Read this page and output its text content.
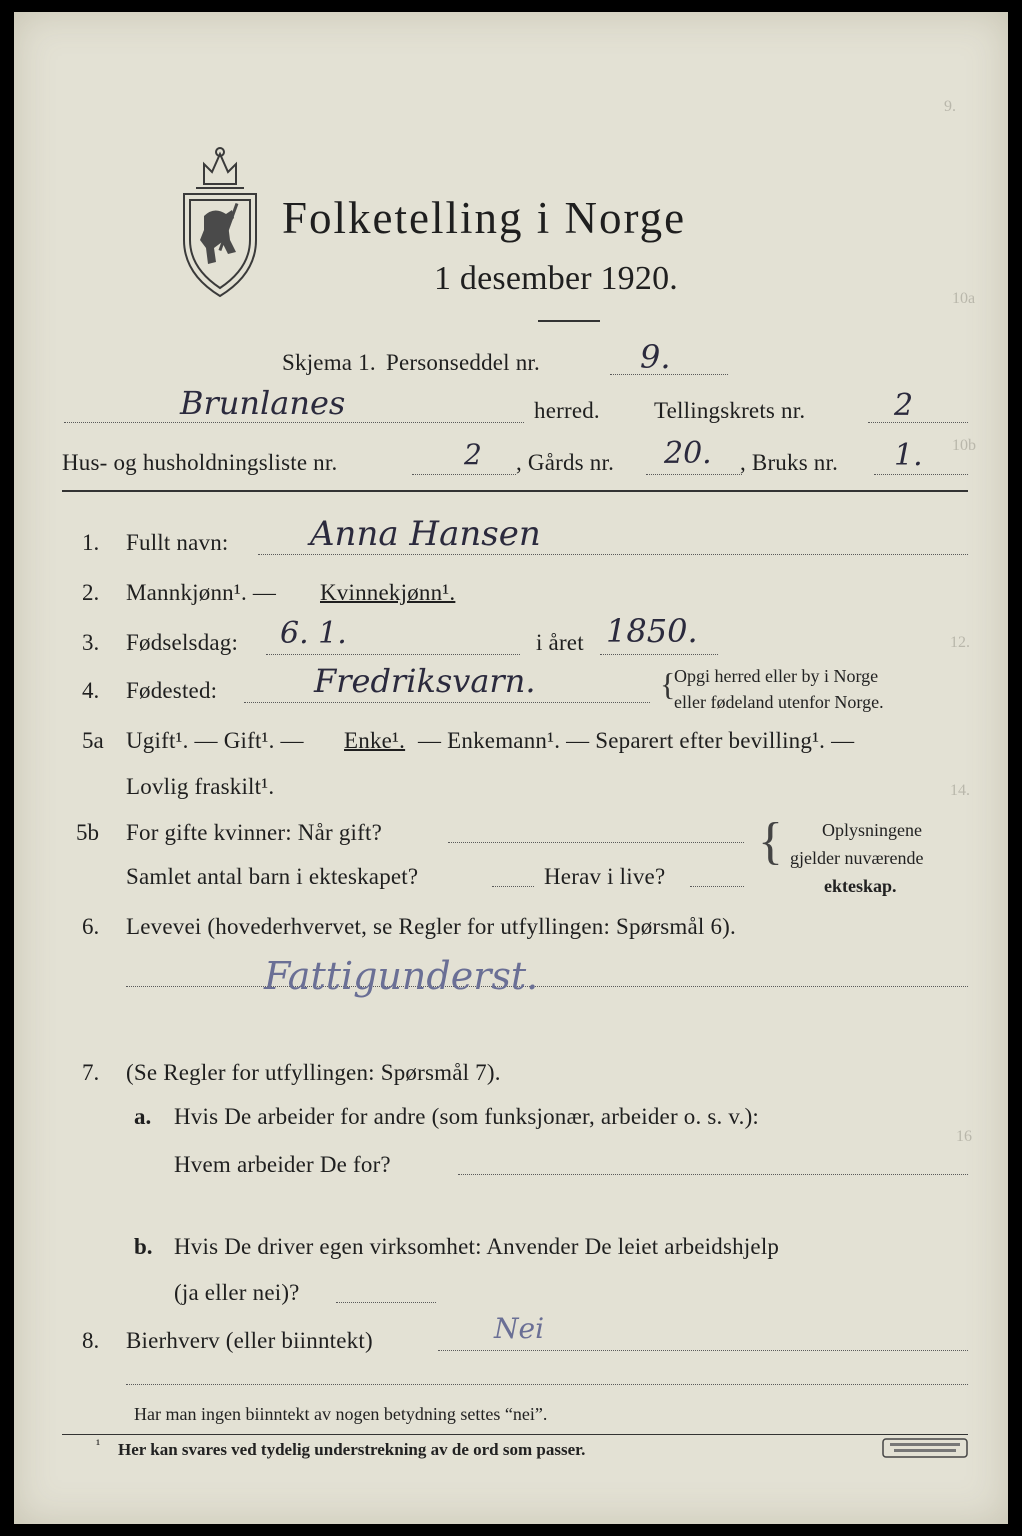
9.
10a
10b
12.
14.
16
Folketelling i Norge
1 desember 1920.
Skjema 1. Personseddel nr.	9.
Brunlanes	herred. Tellingskrets nr.	2
Hus- og husholdningsliste nr.	2 , Gårds nr. 20. , Bruks nr. 1.
1. Fullt navn: Anna Hansen
2. Mannkjønn¹. — Kvinnekjønn¹.
3. Fødselsdag: 6. 1.	i året 1850.
4. Fødested:	Fredriksvarn.	{
Opgi herred eller by i Norge
eller fødeland utenfor Norge.
5a Ugift¹. — Gift¹. — Enke¹. — Enkemann¹. — Separert efter bevilling¹. —
Lovlig fraskilt¹.
5b For gifte kvinner: Når gift?
Samlet antal barn i ekteskapet?	Herav i live?
{ Oplysningene
gjelder nuværende
ekteskap.
6. Levevei (hovederhvervet, se Regler for utfyllingen: Spørsmål 6).
Fattigunderst.
7. (Se Regler for utfyllingen: Spørsmål 7).
a. Hvis De arbeider for andre (som funksjonær, arbeider o. s. v.):
Hvem arbeider De for?
b. Hvis De driver egen virksomhet: Anvender De leiet arbeidshjelp
(ja eller nei)?
8. Bierhverv (eller biinntekt)	Nei
Har man ingen biinntekt av nogen betydning settes “nei”.
¹ Her kan svares ved tydelig understrekning av de ord som passer.
